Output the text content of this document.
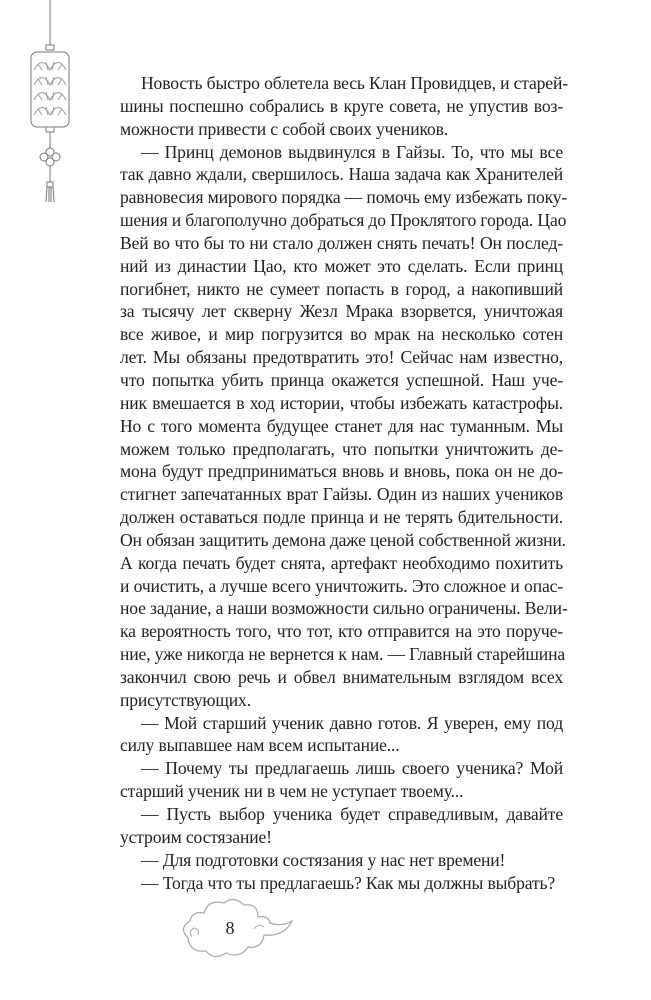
Новость быстро облетела весь Клан Провидцев, и старей-
шины поспешно собрались в круге совета, не упустив воз-
можности привести с собой своих учеников.
— Принц демонов выдвинулся в Гайзы. То, что мы все
так давно ждали, свершилось. Наша задача как Хранителей
равновесия мирового порядка — помочь ему избежать поку-
шения и благополучно добраться до Проклятого города. Цао
Вей во что бы то ни стало должен снять печать! Он послед-
ний из династии Цао, кто может это сделать. Если принц
погибнет, никто не сумеет попасть в город, а накопивший
за тысячу лет скверну Жезл Мрака взорвется, уничтожая
все живое, и мир погрузится во мрак на несколько сотен
лет. Мы обязаны предотвратить это! Сейчас нам известно,
что попытка убить принца окажется успешной. Наш уче-
ник вмешается в ход истории, чтобы избежать катастрофы.
Но с того момента будущее станет для нас туманным. Мы
можем только предполагать, что попытки уничтожить де-
мона будут предприниматься вновь и вновь, пока он не до-
стигнет запечатанных врат Гайзы. Один из наших учеников
должен оставаться подле принца и не терять бдительности.
Он обязан защитить демона даже ценой собственной жизни.
А когда печать будет снята, артефакт необходимо похитить
и очистить, а лучше всего уничтожить. Это сложное и опас-
ное задание, а наши возможности сильно ограничены. Вели-
ка вероятность того, что тот, кто отправится на это поруче-
ние, уже никогда не вернется к нам. — Главный старейшина
закончил свою речь и обвел внимательным взглядом всех
присутствующих.
— Мой старший ученик давно готов. Я уверен, ему под
силу выпавшее нам всем испытание...
— Почему ты предлагаешь лишь своего ученика? Мой
старший ученик ни в чем не уступает твоему...
— Пусть выбор ученика будет справедливым, давайте
устроим состязание!
— Для подготовки состязания у нас нет времени!
— Тогда что ты предлагаешь? Как мы должны выбрать?
8
